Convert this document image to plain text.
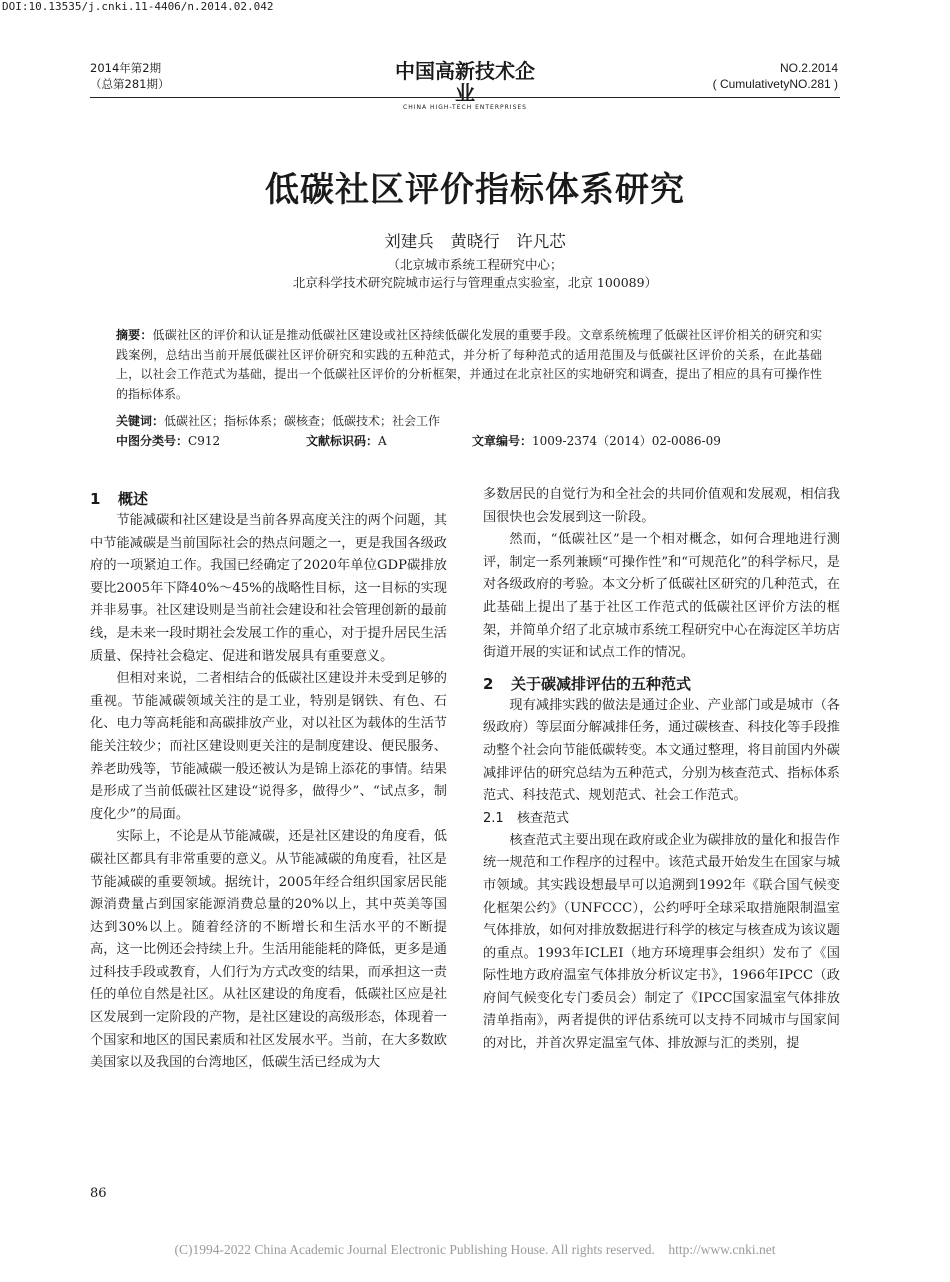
DOI:10.13535/j.cnki.11-4406/n.2014.02.042
2014年第2期
（总第281期）
中国高新技术企业
CHINA HIGH-TECH ENTERPRISES
NO.2.2014
( CumulativetyNO.281 )
低碳社区评价指标体系研究
刘建兵　黄晓行　许凡芯
（北京城市系统工程研究中心；
北京科学技术研究院城市运行与管理重点实验室，北京 100089）
摘要：低碳社区的评价和认证是推动低碳社区建设或社区持续低碳化发展的重要手段。文章系统梳理了低碳社区评价相关的研究和实践案例，总结出当前开展低碳社区评价研究和实践的五种范式，并分析了每种范式的适用范围及与低碳社区评价的关系，在此基础上，以社会工作范式为基础，提出一个低碳社区评价的分析框架，并通过在北京社区的实地研究和调查，提出了相应的具有可操作性的指标体系。
关键词：低碳社区；指标体系；碳核查；低碳技术；社会工作
中图分类号：C912	文献标识码：A	文章编号：1009-2374（2014）02-0086-09
1 概述

节能减碳和社区建设是当前各界高度关注的两个问题，其中节能减碳是当前国际社会的热点问题之一，更是我国各级政府的一项紧迫工作。我国已经确定了2020年单位GDP碳排放要比2005年下降40%～45%的战略性目标，这一目标的实现并非易事。社区建设则是当前社会建设和社会管理创新的最前线，是未来一段时期社会发展工作的重心，对于提升居民生活质量、保持社会稳定、促进和谐发展具有重要意义。

但相对来说，二者相结合的低碳社区建设并未受到足够的重视。节能减碳领域关注的是工业，特别是钢铁、有色、石化、电力等高耗能和高碳排放产业，对以社区为载体的生活节能关注较少；而社区建设则更关注的是制度建设、便民服务、养老助残等，节能减碳一般还被认为是锦上添花的事情。结果是形成了当前低碳社区建设“说得多，做得少”、“试点多，制度化少”的局面。

实际上，不论是从节能减碳，还是社区建设的角度看，低碳社区都具有非常重要的意义。从节能减碳的角度看，社区是节能减碳的重要领域。据统计，2005年经合组织国家居民能源消费量占到国家能源消费总量的20%以上，其中英美等国达到30%以上。随着经济的不断增长和生活水平的不断提高，这一比例还会持续上升。生活用能能耗的降低，更多是通过科技手段或教育，人们行为方式改变的结果，而承担这一责任的单位自然是社区。从社区建设的角度看，低碳社区应是社区发展到一定阶段的产物，是社区建设的高级形态，体现着一个国家和地区的国民素质和社区发展水平。当前，在大多数欧美国家以及我国的台湾地区，低碳生活已经成为大

多数居民的自觉行为和全社会的共同价值观和发展观，相信我国很快也会发展到这一阶段。

然而，“低碳社区”是一个相对概念，如何合理地进行测评，制定一系列兼顾“可操作性”和“可规范化”的科学标尺，是对各级政府的考验。本文分析了低碳社区研究的几种范式，在此基础上提出了基于社区工作范式的低碳社区评价方法的框架，并简单介绍了北京城市系统工程研究中心在海淀区羊坊店街道开展的实证和试点工作的情况。

2 关于碳减排评估的五种范式

现有减排实践的做法是通过企业、产业部门或是城市（各级政府）等层面分解减排任务，通过碳核查、科技化等手段推动整个社会向节能低碳转变。本文通过整理，将目前国内外碳减排评估的研究总结为五种范式，分别为核查范式、指标体系范式、科技范式、规划范式、社会工作范式。

2.1 核查范式

核查范式主要出现在政府或企业为碳排放的量化和报告作统一规范和工作程序的过程中。该范式最开始发生在国家与城市领域。其实践设想最早可以追溯到1992年《联合国气候变化框架公约》（UNFCCC），公约呼吁全球采取措施限制温室气体排放，如何对排放数据进行科学的核定与核查成为该议题的重点。1993年ICLEI（地方环境理事会组织）发布了《国际性地方政府温室气体排放分析议定书》，1966年IPCC（政府间气候变化专门委员会）制定了《IPCC国家温室气体排放清单指南》，两者提供的评估系统可以支持不同城市与国家间的对比，并首次界定温室气体、排放源与汇的类别，提

86
(C)1994-2022 China Academic Journal Electronic Publishing House. All rights reserved.　http://www.cnki.net
